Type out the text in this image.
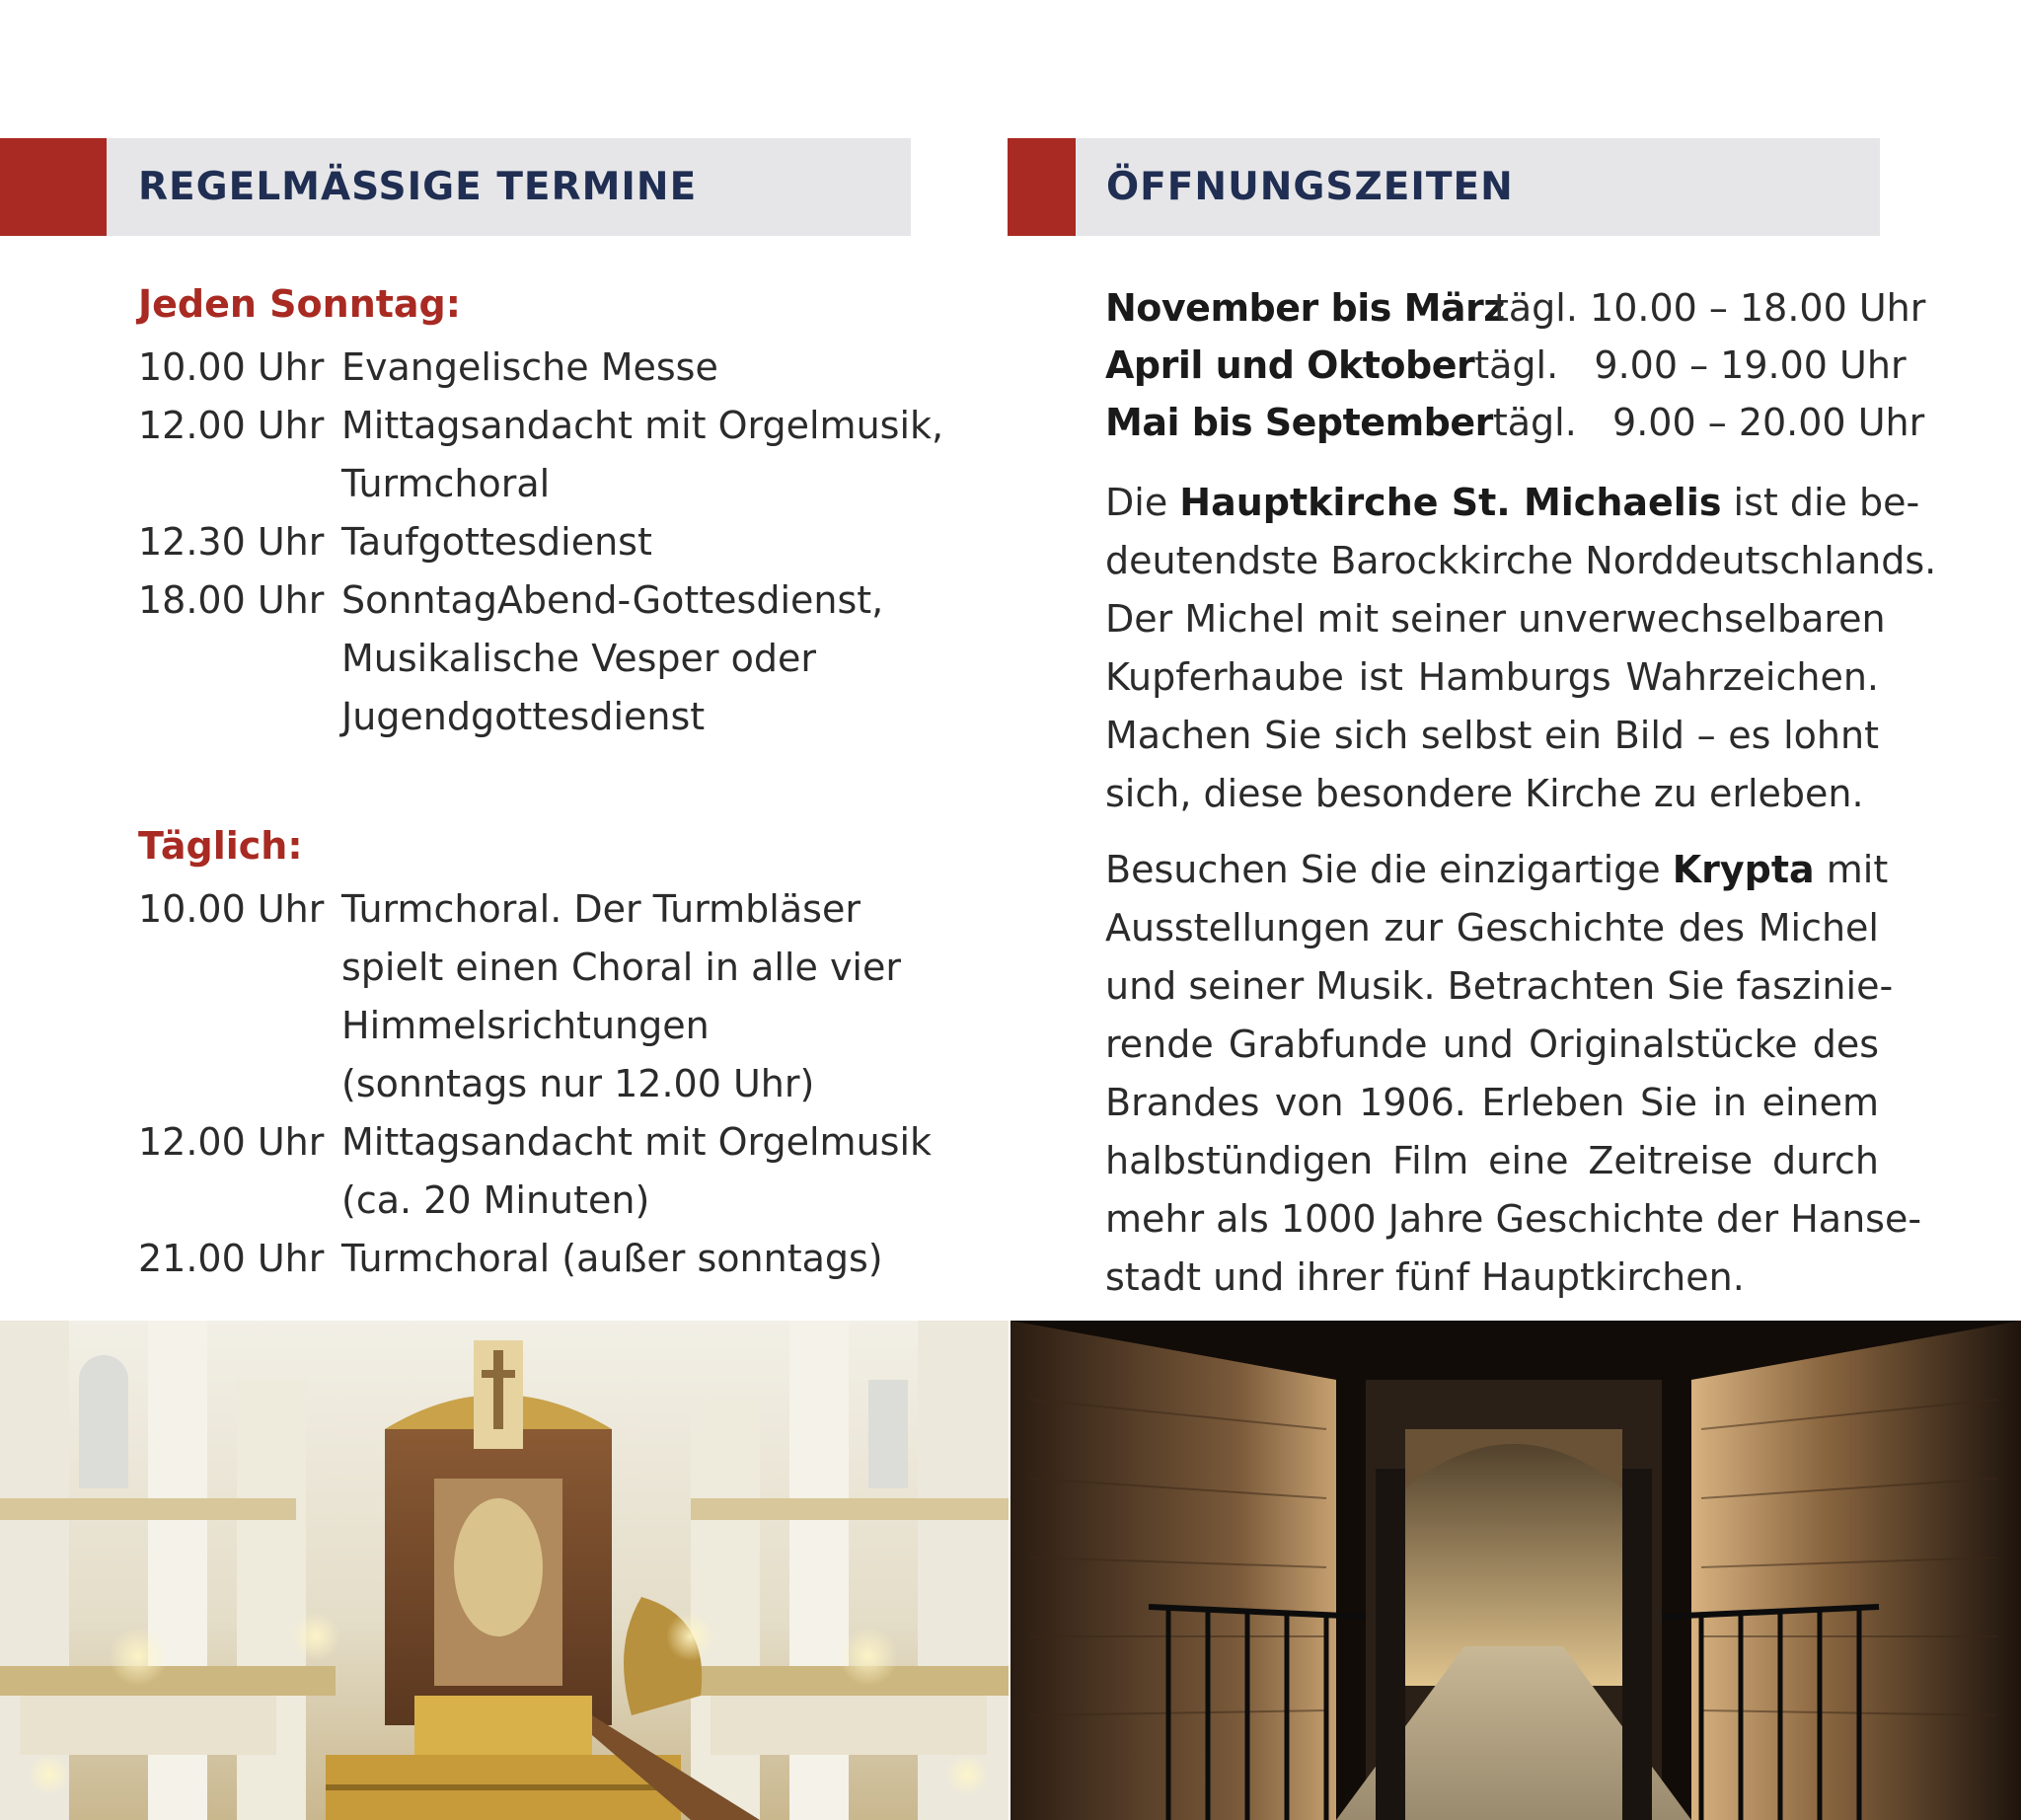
REGELMÄSSIGE TERMINE	ÖFFNUNGSZEITEN
Jeden Sonntag:
10.00 Uhr Evangelische Messe
12.00 Uhr Mittagsandacht mit Orgelmusik,
Turmchoral
12.30 Uhr Taufgottesdienst
18.00 Uhr SonntagAbend-Gottesdienst,
Musikalische Vesper oder
Jugendgottesdienst
Täglich:
10.00 Uhr Turmchoral. Der Turmbläser
spielt einen Choral in alle vier
Himmelsrichtungen
(sonntags nur 12.00 Uhr)
12.00 Uhr Mittagsandacht mit Orgelmusik
(ca. 20 Minuten)
21.00 Uhr Turmchoral (außer sonntags)
November bis März
tägl. 10.00 – 18.00 Uhr
April und Oktober tägl.   9.00 – 19.00 Uhr
Mai bis September tägl.   9.00 – 20.00 Uhr
Die Hauptkirche St. Michaelis ist die be-
deutendste Barockkirche Norddeutschlands.
Der Michel mit seiner unverwechselbaren
Kupferhaube ist Hamburgs Wahrzeichen.
Machen Sie sich selbst ein Bild – es lohnt
sich, diese besondere Kirche zu erleben.
Besuchen Sie die einzigartige Krypta mit
Ausstellungen zur Geschichte des Michel
und seiner Musik. Betrachten Sie faszinie-
rende Grabfunde und Originalstücke des
Brandes von 1906. Erleben Sie in einem
halbstündigen Film eine Zeitreise durch
mehr als 1000 Jahre Geschichte der Hanse-
stadt und ihrer fünf Hauptkirchen.
